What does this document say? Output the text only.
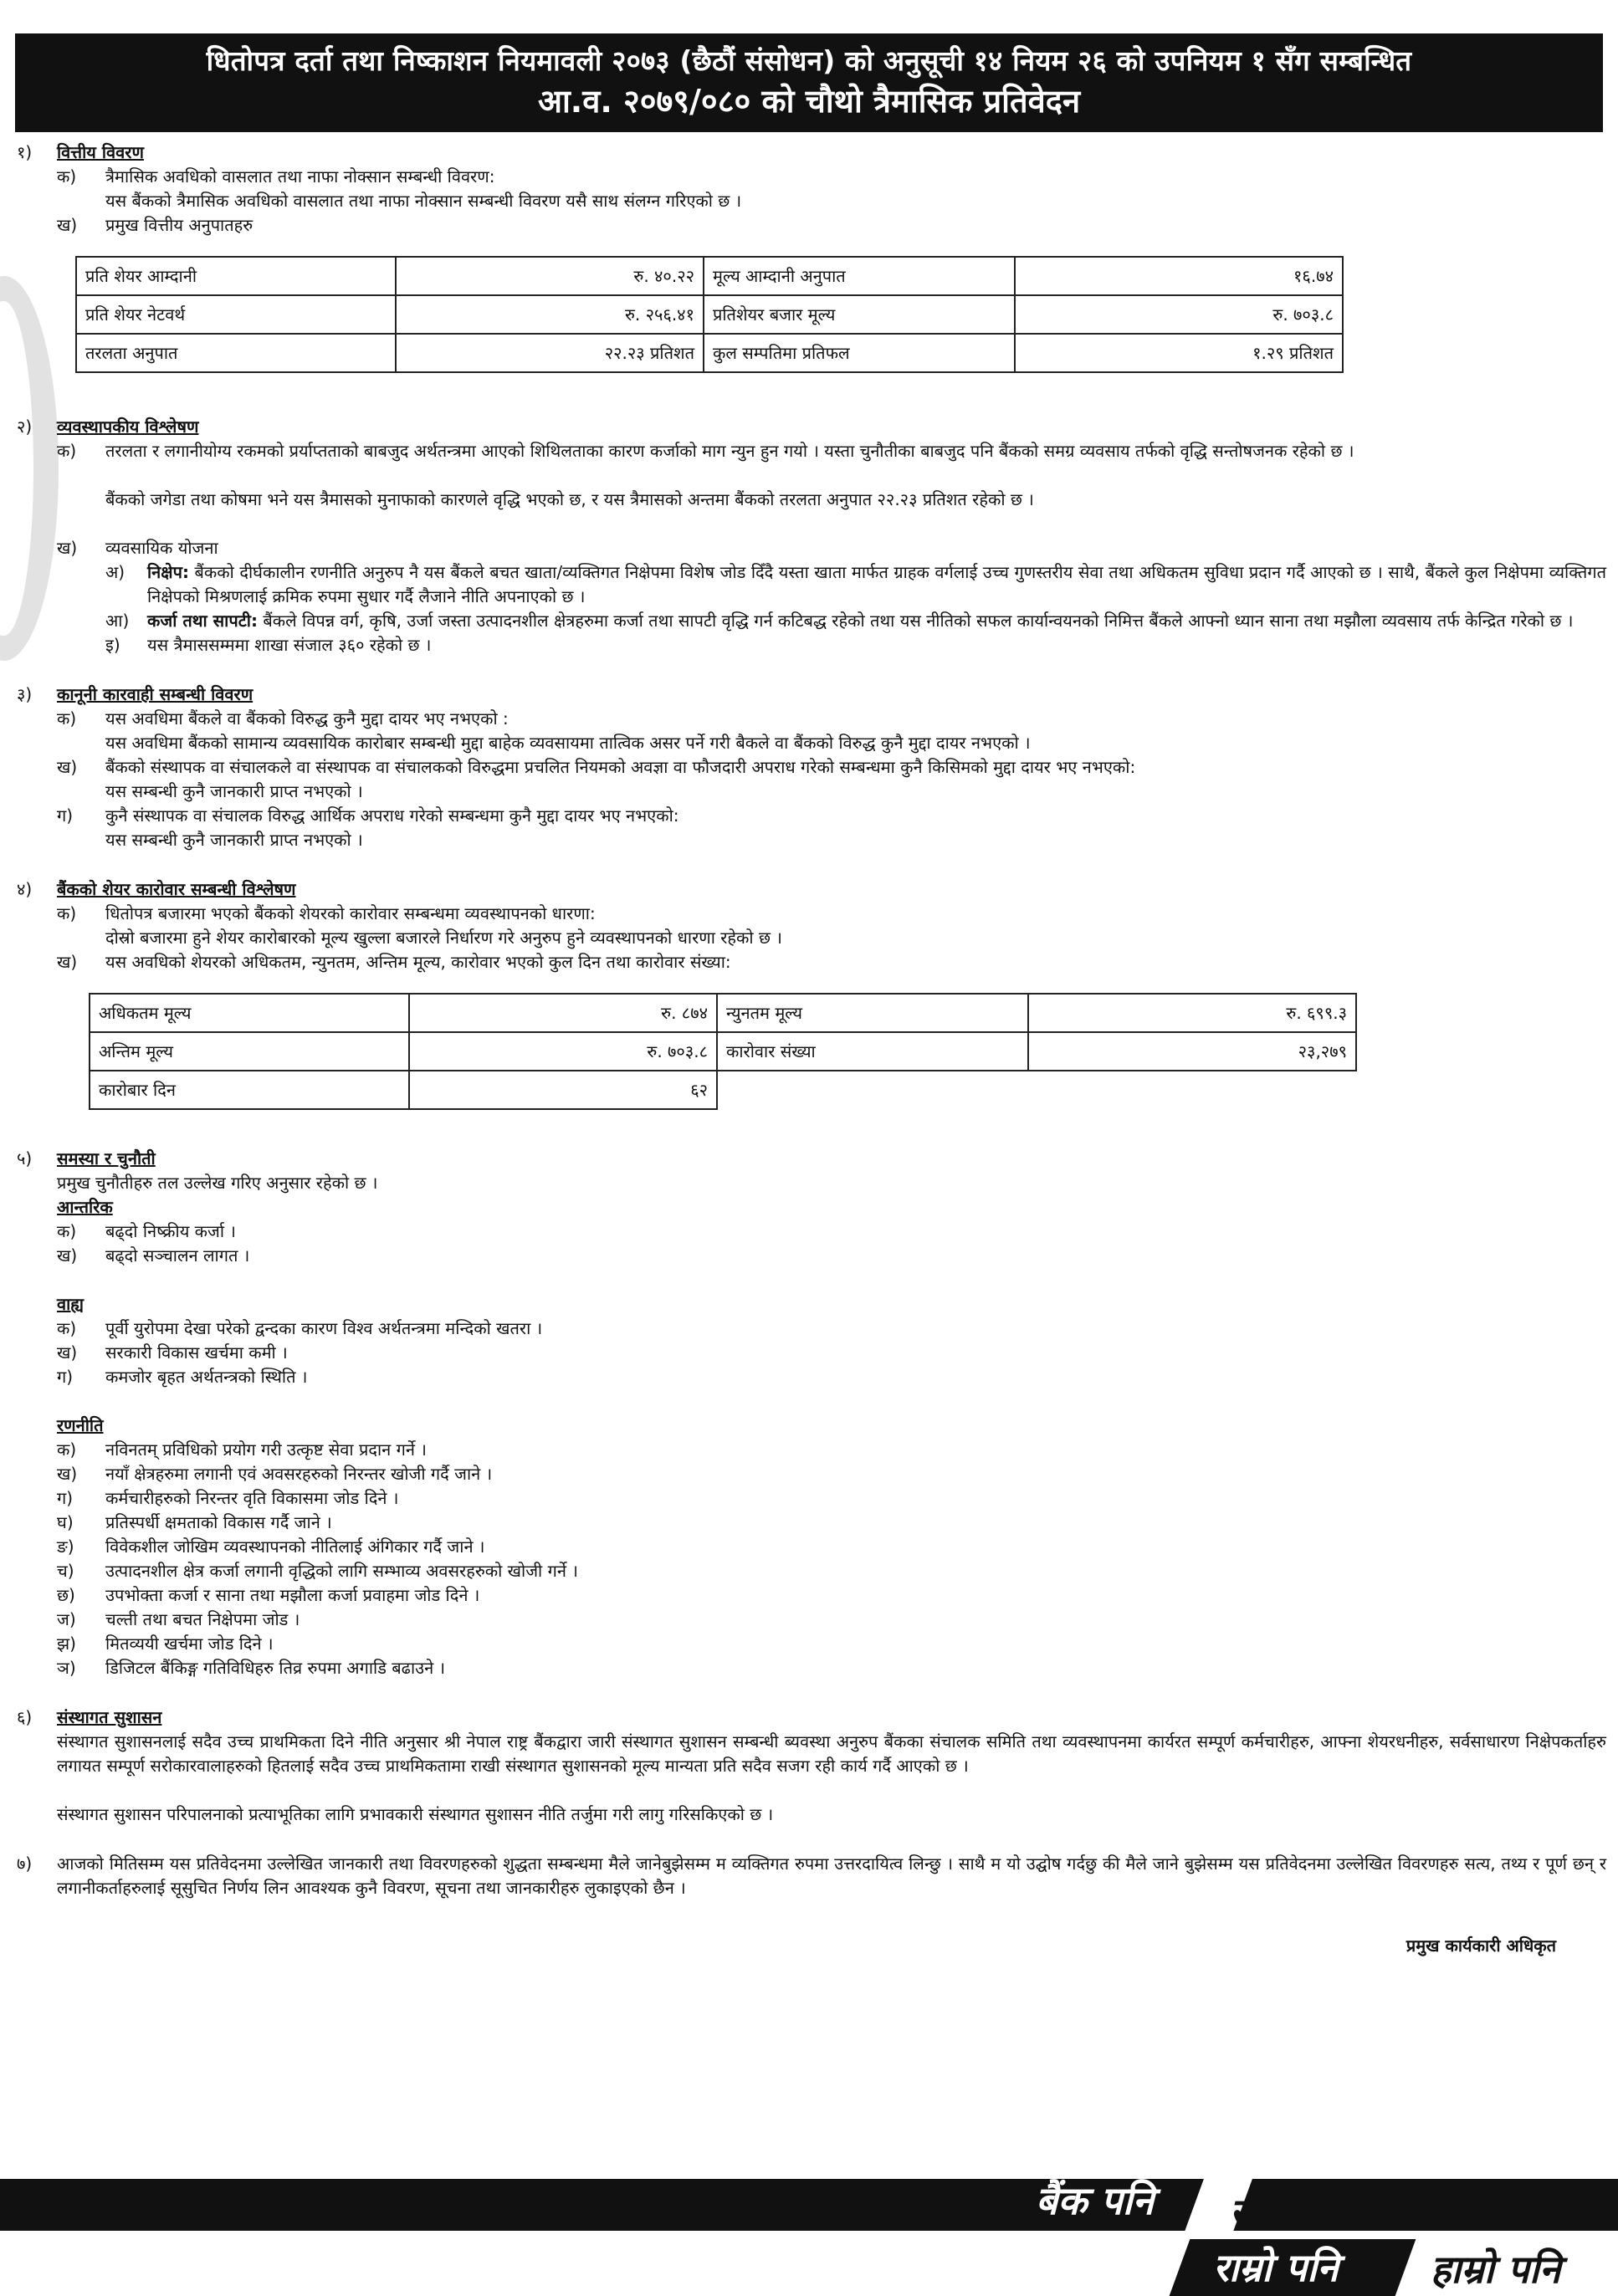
धितोपत्र दर्ता तथा निष्काशन नियमावली २०७३ (छैठौं संसोधन) को अनुसूची १४ नियम २६ को उपनियम १ सँग सम्बन्धित
आ.व. २०७९/०८० को चौथो त्रैमासिक प्रतिवेदन
१)	वित्तीय विवरण
क)	त्रैमासिक अवधिको वासलात तथा नाफा नोक्सान सम्बन्धी विवरण:
यस बैंकको त्रैमासिक अवधिको वासलात तथा नाफा नोक्सान सम्बन्धी विवरण यसै साथ संलग्न गरिएको छ ।
ख)	प्रमुख वित्तीय अनुपातहरु
प्रति शेयर आम्दानी	रु. ४०.२२	मूल्य आम्दानी अनुपात	१६.७४
प्रति शेयर नेटवर्थ	रु. २५६.४१	प्रतिशेयर बजार मूल्य	रु. ७०३.८
तरलता अनुपात	२२.२३ प्रतिशत	कुल सम्पतिमा प्रतिफल	१.२९ प्रतिशत
२)	व्यवस्थापकीय विश्लेषण
क)	तरलता र लगानीयोग्य रकमको प्रर्याप्तताको बाबजुद अर्थतन्त्रमा आएको शिथिलताका कारण कर्जाको माग न्युन हुन गयो । यस्ता चुनौतीका बाबजुद पनि बैंकको समग्र व्यवसाय तर्फको वृद्धि सन्तोषजनक रहेको छ ।
बैंकको जगेडा तथा कोषमा भने यस त्रैमासको मुनाफाको कारणले वृद्धि भएको छ, र यस त्रैमासको अन्तमा बैंकको तरलता अनुपात २२.२३ प्रतिशत रहेको छ ।
ख)	व्यवसायिक योजना
अ)	निक्षेप: बैंकको दीर्घकालीन रणनीति अनुरुप नै यस बैंकले बचत खाता/व्यक्तिगत निक्षेपमा विशेष जोड दिँदै यस्ता खाता मार्फत ग्राहक वर्गलाई उच्च गुणस्तरीय सेवा तथा अधिकतम सुविधा प्रदान गर्दै आएको छ । साथै, बैंकले कुल निक्षेपमा व्यक्तिगत निक्षेपको मिश्रणलाई क्रमिक रुपमा सुधार गर्दै लैजाने नीति अपनाएको छ ।
आ)	कर्जा तथा सापटी: बैंकले विपन्न वर्ग, कृषि, उर्जा जस्ता उत्पादनशील क्षेत्रहरुमा कर्जा तथा सापटी वृद्धि गर्न कटिबद्ध रहेको तथा यस नीतिको सफल कार्यान्वयनको निमित्त बैंकले आफ्नो ध्यान साना तथा मझौला व्यवसाय तर्फ केन्द्रित गरेको छ ।
इ)	यस त्रैमाससम्ममा शाखा संजाल ३६० रहेको छ ।
३)	कानूनी कारवाही सम्बन्धी विवरण
क)	यस अवधिमा बैंकले वा बैंकको विरुद्ध कुनै मुद्दा दायर भए नभएको :
यस अवधिमा बैंकको सामान्य व्यवसायिक कारोबार सम्बन्धी मुद्दा बाहेक व्यवसायमा तात्विक असर पर्ने गरी बैकले वा बैंकको विरुद्ध कुनै मुद्दा दायर नभएको ।
ख)	बैंकको संस्थापक वा संचालकले वा संस्थापक वा संचालकको विरुद्धमा प्रचलित नियमको अवज्ञा वा फौजदारी अपराध गरेको सम्बन्धमा कुनै किसिमको मुद्दा दायर भए नभएको:
यस सम्बन्धी कुनै जानकारी प्राप्त नभएको ।
ग)	कुनै संस्थापक वा संचालक विरुद्ध आर्थिक अपराध गरेको सम्बन्धमा कुनै मुद्दा दायर भए नभएको:
यस सम्बन्धी कुनै जानकारी प्राप्त नभएको ।
४)	बैंकको शेयर कारोवार सम्बन्धी विश्लेषण
क)	धितोपत्र बजारमा भएको बैंकको शेयरको कारोवार सम्बन्धमा व्यवस्थापनको धारणा:
दोस्रो बजारमा हुने शेयर कारोबारको मूल्य खुल्ला बजारले निर्धारण गरे अनुरुप हुने व्यवस्थापनको धारणा रहेको छ ।
ख)	यस अवधिको शेयरको अधिकतम, न्युनतम, अन्तिम मूल्य, कारोवार भएको कुल दिन तथा कारोवार संख्या:
अधिकतम मूल्य	रु. ८७४	न्युनतम मूल्य	रु. ६९९.३
अन्तिम मूल्य	रु. ७०३.८	कारोवार संख्या	२३,२७९
कारोबार दिन	६२		
५)	समस्या र चुनौती
प्रमुख चुनौतीहरु तल उल्लेख गरिए अनुसार रहेको छ ।
आन्तरिक
क)	बढ्दो निष्क्रीय कर्जा ।
ख)	बढ्दो सञ्चालन लागत ।
वाह्य
क)	पूर्वी युरोपमा देखा परेको द्वन्दका कारण विश्व अर्थतन्त्रमा मन्दिको खतरा ।
ख)	सरकारी विकास खर्चमा कमी ।
ग)	कमजोर बृहत अर्थतन्त्रको स्थिति ।
रणनीति
क)	नविनतम् प्रविधिको प्रयोग गरी उत्कृष्ट सेवा प्रदान गर्ने ।
ख)	नयाँ क्षेत्रहरुमा लगानी एवं अवसरहरुको निरन्तर खोजी गर्दै जाने ।
ग)	कर्मचारीहरुको निरन्तर वृति विकासमा जोड दिने ।
घ)	प्रतिस्पर्धी क्षमताको विकास गर्दै जाने ।
ङ)	विवेकशील जोखिम व्यवस्थापनको नीतिलाई अंगिकार गर्दै जाने ।
च)	उत्पादनशील क्षेत्र कर्जा लगानी वृद्धिको लागि सम्भाव्य अवसरहरुको खोजी गर्ने ।
छ)	उपभोक्ता कर्जा र साना तथा मझौला कर्जा प्रवाहमा जोड दिने ।
ज)	चल्ती तथा बचत निक्षेपमा जोड ।
झ)	मितव्ययी खर्चमा जोड दिने ।
ञ)	डिजिटल बैंकिङ्ग गतिविधिहरु तिव्र रुपमा अगाडि बढाउने ।
६)	संस्थागत सुशासन
संस्थागत सुशासनलाई सदैव उच्च प्राथमिकता दिने नीति अनुसार श्री नेपाल राष्ट्र बैंकद्वारा जारी संस्थागत सुशासन सम्बन्धी ब्यवस्था अनुरुप बैंकका संचालक समिति तथा व्यवस्थापनमा कार्यरत सम्पूर्ण कर्मचारीहरु, आफ्ना शेयरधनीहरु, सर्वसाधारण निक्षेपकर्ताहरु लगायत सम्पूर्ण सरोकारवालाहरुको हितलाई सदैव उच्च प्राथमिकतामा राखी संस्थागत सुशासनको मूल्य मान्यता प्रति सदैव सजग रही कार्य गर्दै आएको छ ।
संस्थागत सुशासन परिपालनाको प्रत्याभूतिका लागि प्रभावकारी संस्थागत सुशासन नीति तर्जुमा गरी लागु गरिसकिएको छ ।
७)	आजको मितिसम्म यस प्रतिवेदनमा उल्लेखित जानकारी तथा विवरणहरुको शुद्धता सम्बन्धमा मैले जानेबुझेसम्म म व्यक्तिगत रुपमा उत्तरदायित्व लिन्छु । साथै म यो उद्घोष गर्दछु की मैले जाने बुझेसम्म यस प्रतिवेदनमा उल्लेखित विवरणहरु सत्य, तथ्य र पूर्ण छन् र लगानीकर्ताहरुलाई सूसुचित निर्णय लिन आवश्यक कुनै विवरण, सूचना तथा जानकारीहरु लुकाइएको छैन ।
प्रमुख कार्यकारी अधिकृत
बैंक पनि साथी पनि
राम्रो पनि हाम्रो पनि
